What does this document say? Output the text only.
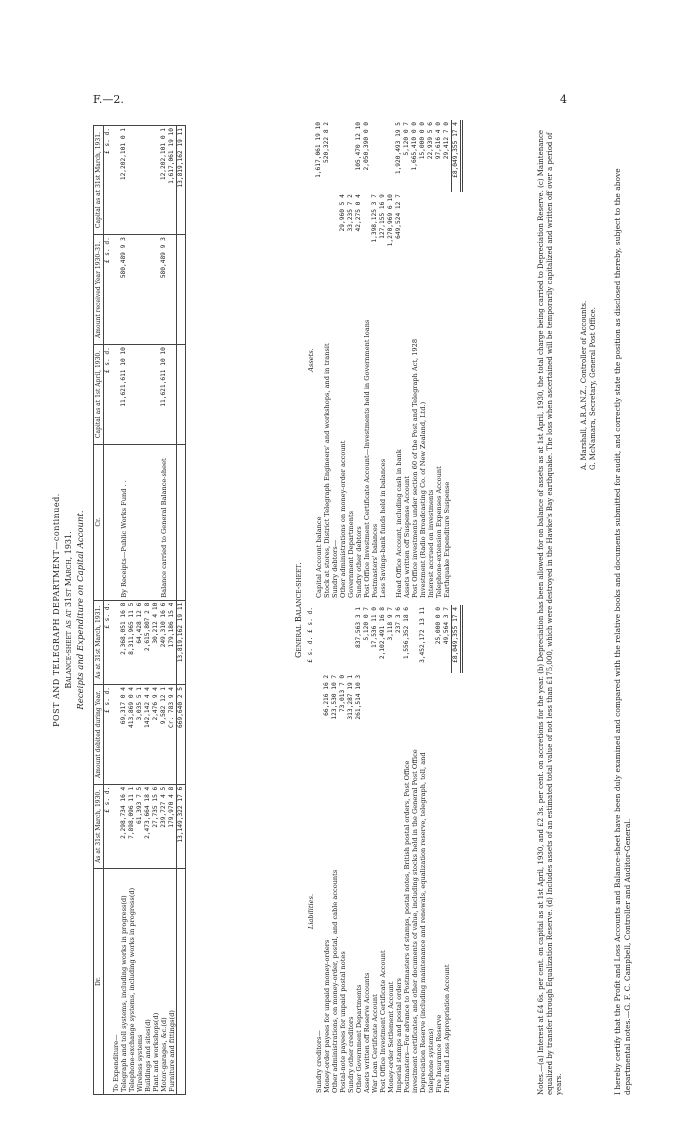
F.—2.	4
POST AND TELEGRAPH DEPARTMENT—continued. Balance-sheet as at 31st March, 1931. Receipts and Expenditure on Capital Account.
Dr.	As at 31st March, 1930.	Amount debited during Year.	As at 31st March, 1931.	Cr.	Capital as at 1st April, 1930.	Amount received Year 1930–31.	Capital as at 31st March, 1931.
	£ s. d.	£ s. d.	£ s. d.		£ s. d.	£ s. d.	£ s. d.
To Expenditure—							
Telegraph and toll systems, including works in progress(d)	2,298,734 16 4	69,317 0 4	2,368,051 16 8	By Receipts—Public Works Fund . .	11,621,611 10 10	580,489 9 3	12,202,101 0 1
Telephone-exchange systems, including works in progress(d)	7,898,096 11 1	413,869 0 4	8,311,965 11 5				
Wireless systems	61,393 7 5	3,035 5 1	64,428 12 6				
Buildings and sites(d)	2,473,664 18 4	142,142 4 4	2,615,807 2 8				
Plant and workshops(d)	27,735 15 6	2,476 9 4	30,212 4 10				
Motor-garages, &c.(d)	239,727 4 5	9,582 12 1	249,310 16 6	Balance carried to General Balance-sheet	11,621,611 10 10	580,489 9 3	12,202,101 0 1
Furniture and fittings(d)	179,970 4 8	Cr. 783 9 4	179,186 15 4				1,617,061 19 10
	13,149,322 17 6	669,640 2 5	13,819,162 19 11				13,819,162 19 11
General Balance-sheet.
Liabilities.	£ s. d. £ s. d.	
Sundry creditors—		
Money-order payees for unpaid money-orders	66,216 16 2	
Other administrations, on money-order, postal, and cable accounts	123,530 10 7	
Postal-note payees for unpaid postal notes	73,013 7 0	
Sundry other creditors	313,287 19 1	
Other Government Departments	261,514 10 3	837,563 3 1
Assets written off Reserve Accounts		5,120 0 7
War Loan Certificate Account		17,536 11 0
Post Office Investment Certificate Account		2,102,491 16 8
Money-order Settlement Account		3,118 9 7
Imperial stamps and postal orders		237 3 6
Postmasters—For advance to Postmasters of stamps, postal notes, British postal orders, Post Office investment certificates, and other documents of value, including stocks held in the General Post Office		1,556,352 18 6
Depreciation Reserve (including maintenance and renewals, equalization reserve, telegraph, toll, and telephone systems)		3,452,172 13 11
Fire Insurance Reserve		25,000 0 0
Profit and Loss Appropriation Account		49,564 3 7
		£8,049,355 17 4
Assets.		
Capital Account balance		1,617,061 19 10
Stock at stores, District Telegraph Engineers' and workshops, and in transit		520,322 8 2
Sundry debtors—		
Other administrations on money-order account	29,960 5 4	
Government Departments	33,235 7 2	
Sundry other debtors	42,275 0 4	105,470 12 10
Post Office Investment Certificate Account—Investments held in Government loans		2,050,390 0 0
Postmasters' balances	1,398,125 3 7	
Less Savings-bank funds held in balances	127,155 16 9	
	1,270,969 6 10	
Head Office Account, including cash in bank	649,524 12 7	1,920,493 19 5
Assets written off Suspense Account		5,120 0 7
Post Office investments under section 60 of the Post and Telegraph Act, 1928		1,665,410 0 0
Investment (Radio Broadcasting Co. of New Zealand, Ltd.)		15,000 0 0
Interest accrued on investments		22,939 5 6
Telephone-extension Expenses Account		97,616 4 0
Earthquake Expenditure Suspense		29,412 7 0
		£8,049,355 17 4	Notes.—(a) Interest at £4 6s. per cent. on capital as at 1st April, 1930, and £2 3s. per cent. on accretions for the year. (b) Depreciation has been allowed for on balance of assets as at 1st April, 1930, the total charge being carried to Depreciation Reserve. (c) Maintenance equalized by transfer through Equalization Reserve. (d) Includes assets of an estimated total value of not less than £175,000, which were destroyed in the Hawke's Bay earthquake. The loss when ascertained will be temporarily capitalized and written off over a period of years.
A. Marshall, A.R.A.N.Z., Controller of Accounts. G. McNamara, Secretary, General Post Office. I hereby certify that the Profit and Loss Accounts and Balance-sheet have been duly examined and compared with the relative books and documents submitted for audit, and correctly state the position as disclosed thereby, subject to the above departmental notes.—G. F. C. Campbell, Controller and Auditor-General.
